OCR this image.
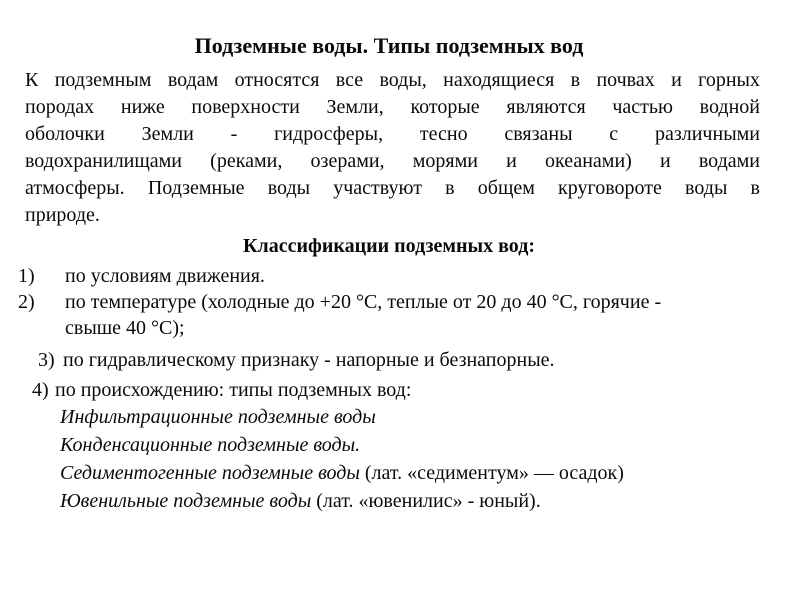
Подземные воды. Типы подземных вод
К подземным водам относятся все воды, находящиеся в почвах и горных
породах ниже поверхности Земли, которые являются частью водной
оболочки Земли - гидросферы, тесно связаны с различными
водохранилищами (реками, озерами, морями и океанами) и водами
атмосферы. Подземные воды участвуют в общем круговороте воды в
природе.
Классификации подземных вод:
1)	по условиям движения.
2)	по температуре (холодные до +20 °С, теплые от 20 до 40 °С, горячие -
свыше 40 °С);
3) по гидравлическому признаку - напорные и безнапорные.
4) по происхождению: типы подземных вод:
Инфильтрационные подземные воды
Конденсационные подземные воды.
Седиментогенные подземные воды (лат. «седиментум» — осадок)
Ювенильные подземные воды (лат. «ювенилис» - юный).
